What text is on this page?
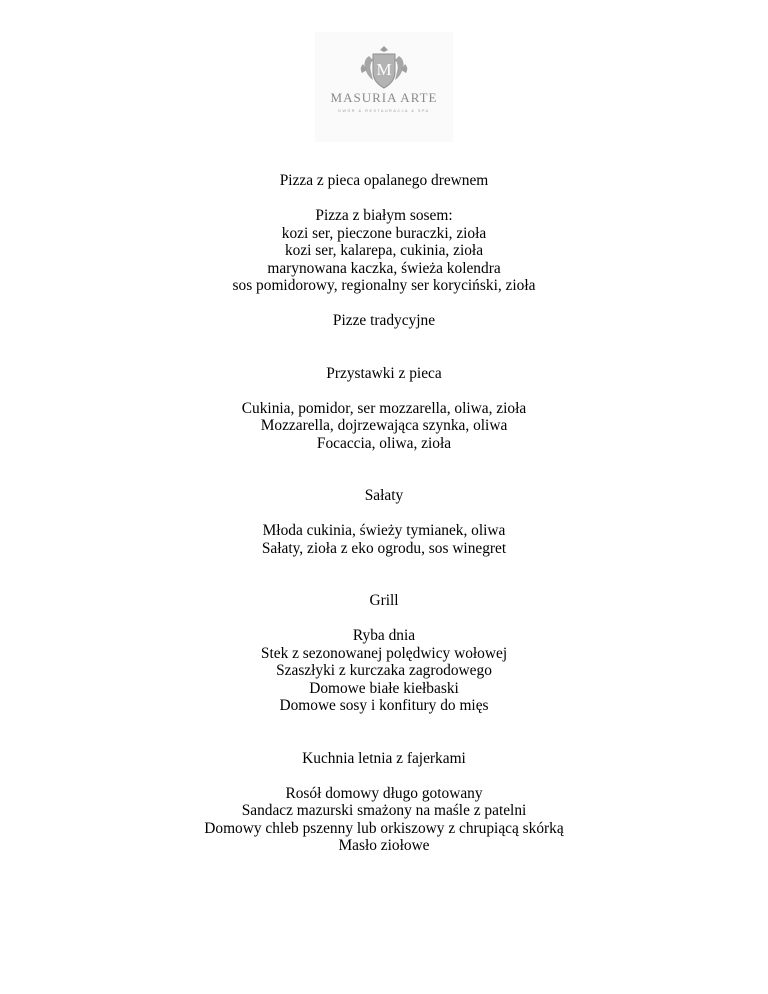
M
MASURIA ARTE
DWÓR & RESTAURACJA & SPA
Pizza z pieca opalanego drewnem
Pizza z białym sosem:
kozi ser, pieczone buraczki, zioła
kozi ser, kalarepa, cukinia, zioła
marynowana kaczka, świeża kolendra
sos pomidorowy, regionalny ser koryciński, zioła
Pizze tradycyjne
Przystawki z pieca
Cukinia, pomidor, ser mozzarella, oliwa, zioła
Mozzarella, dojrzewająca szynka, oliwa
Focaccia, oliwa, zioła
Sałaty
Młoda cukinia, świeży tymianek, oliwa
Sałaty, zioła z eko ogrodu, sos winegret
Grill
Ryba dnia
Stek z sezonowanej polędwicy wołowej
Szaszłyki z kurczaka zagrodowego
Domowe białe kiełbaski
Domowe sosy i konfitury do mięs
Kuchnia letnia z fajerkami
Rosół domowy długo gotowany
Sandacz mazurski smażony na maśle z patelni
Domowy chleb pszenny lub orkiszowy z chrupiącą skórką
Masło ziołowe
